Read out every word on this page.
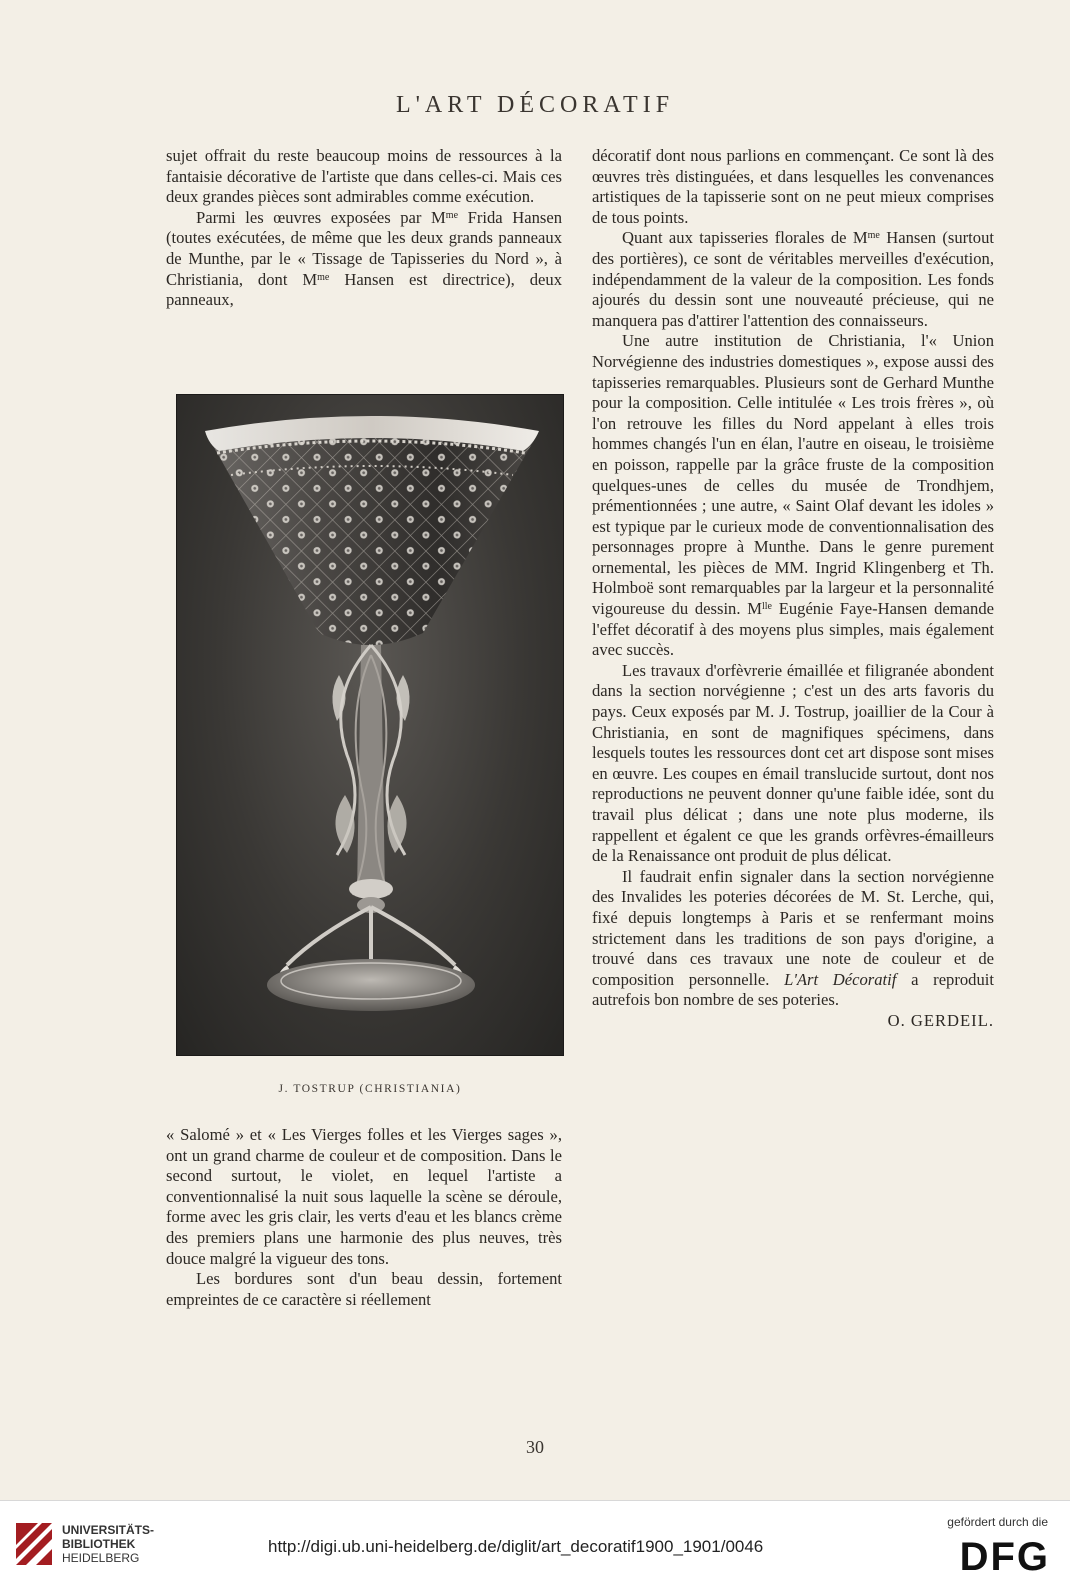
L'ART DÉCORATIF

sujet offrait du reste beaucoup moins de ressources à la fantaisie décorative de l'artiste que dans celles-ci. Mais ces deux grandes pièces sont admirables comme exécution.

Parmi les œuvres exposées par $M^{me}$ Frida Hansen (toutes exécutées, de même que les deux grands panneaux de Munthe, par le « Tissage de Tapisseries du Nord », à Christiania, dont $M^{me}$ Hansen est directrice), deux panneaux,

J. TOSTRUP (CHRISTIANIA)

« Salomé » et « Les Vierges folles et les Vierges sages », ont un grand charme de couleur et de composition. Dans le second surtout, le violet, en lequel l'artiste a conventionnalisé la nuit sous laquelle la scène se déroule, forme avec les gris clair, les verts d'eau et les blancs crème des premiers plans une harmonie des plus neuves, très douce malgré la vigueur des tons.

Les bordures sont d'un beau dessin, fortement empreintes de ce caractère si réellement

décoratif dont nous parlions en commençant. Ce sont là des œuvres très distinguées, et dans lesquelles les convenances artistiques de la tapisserie sont on ne peut mieux comprises de tous points.

Quant aux tapisseries florales de $M^{me}$ Hansen (surtout des portières), ce sont de véritables merveilles d'exécution, indépendamment de la valeur de la composition. Les fonds ajourés du dessin sont une nouveauté précieuse, qui ne manquera pas d'attirer l'attention des connaisseurs.

Une autre institution de Christiania, l'« Union Norvégienne des industries domestiques », expose aussi des tapisseries remarquables. Plusieurs sont de Gerhard Munthe pour la composition. Celle intitulée « Les trois frères », où l'on retrouve les filles du Nord appelant à elles trois hommes changés l'un en élan, l'autre en oiseau, le troisième en poisson, rappelle par la grâce fruste de la composition quelques-unes de celles du musée de Trondhjem, prémentionnées ; une autre, « Saint Olaf devant les idoles » est typique par le curieux mode de conventionnalisation des personnages propre à Munthe. Dans le genre purement ornemental, les pièces de MM. Ingrid Klingenberg et Th. Holmboë sont remarquables par la largeur et la personnalité vigoureuse du dessin. $M^{lle}$ Eugénie Faye-Hansen demande l'effet décoratif à des moyens plus simples, mais également avec succès.

Les travaux d'orfèvrerie émaillée et filigranée abondent dans la section norvégienne ; c'est un des arts favoris du pays. Ceux exposés par M. J. Tostrup, joaillier de la Cour à Christiania, en sont de magnifiques spécimens, dans lesquels toutes les ressources dont cet art dispose sont mises en œuvre. Les coupes en émail translucide surtout, dont nos reproductions ne peuvent donner qu'une faible idée, sont du travail plus délicat ; dans une note plus moderne, ils rappellent et égalent ce que les grands orfèvres-émailleurs de la Renaissance ont produit de plus délicat.

Il faudrait enfin signaler dans la section norvégienne des Invalides les poteries décorées de M. St. Lerche, qui, fixé depuis longtemps à Paris et se renfermant moins strictement dans les traditions de son pays d'origine, a trouvé dans ces travaux une note de couleur et de composition personnelle. L'Art Décoratif a reproduit autrefois bon nombre de ses poteries.

O. GERDEIL.
30
UNIVERSITÄTS-
BIBLIOTHEK
HEIDELBERG
http://digi.ub.uni-heidelberg.de/diglit/art_decoratif1900_1901/0046
gefördert durch die
DFG
